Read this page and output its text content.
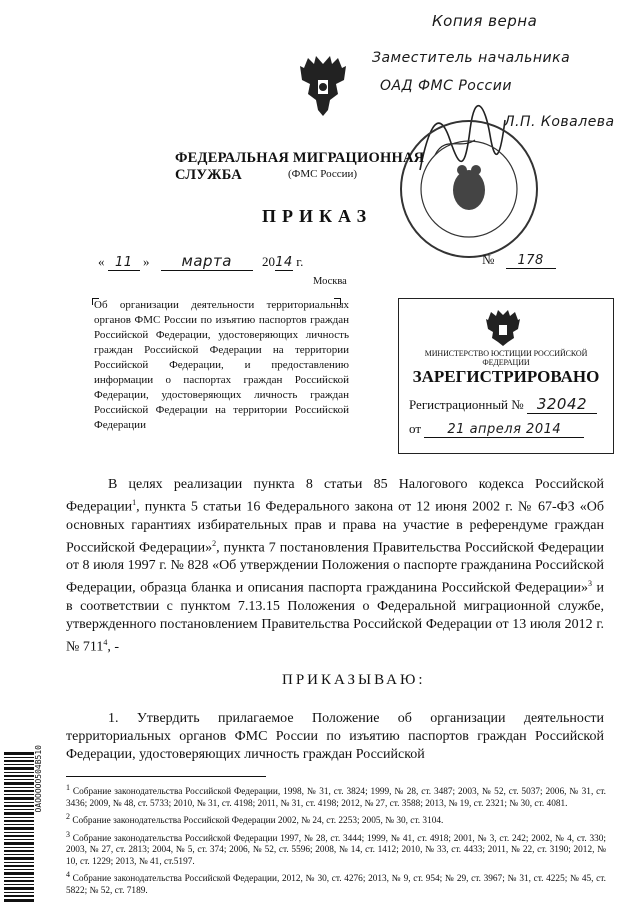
Копия верна
Заместитель начальника
ОАД ФМС России
Л.П. Ковалева
ФЕДЕРАЛЬНАЯ МИГРАЦИОННАЯ СЛУЖБА	(ФМС России)
ПРИКАЗ
« 11 » марта 2014 г.	№ 178
Москва
Об организации деятельности территориальных органов ФМС России по изъятию паспортов граждан Российской Федерации, удостоверяющих личность граждан Российской Федерации на территории Российской Федерации, и предоставлению информации о паспортах граждан Российской Федерации, удостоверяющих личность граждан Российской Федерации на территории Российской Федерации
МИНИСТЕРСТВО ЮСТИЦИИ РОССИЙСКОЙ ФЕДЕРАЦИИ
ЗАРЕГИСТРИРОВАНО
Регистрационный № 32042
от 21 апреля 2014
В целях реализации пункта 8 статьи 85 Налогового кодекса Российской Федерации$^1$, пункта 5 статьи 16 Федерального закона от 12 июня 2002 г. № 67-ФЗ «Об основных гарантиях избирательных прав и права на участие в референдуме граждан Российской Федерации»$^2$, пункта 7 постановления Правительства Российской Федерации от 8 июля 1997 г. № 828 «Об утверждении Положения о паспорте гражданина Российской Федерации, образца бланка и описания паспорта гражданина Российской Федерации»$^3$ и в соответствии с пунктом 7.13.15 Положения о Федеральной миграционной службе, утвержденного постановлением Правительства Российской Федерации от 13 июля 2012 г. № $711^4$, -
ПРИКАЗЫВАЮ:
1. Утвердить прилагаемое Положение об организации деятельности территориальных органов ФМС России по изъятию паспортов граждан Российской Федерации, удостоверяющих личность граждан Российской

$^1$ Собрание законодательства Российской Федерации, 1998, № 31, ст. 3824; 1999, № 28, ст. 3487; 2003, № 52, ст. 5037; 2006, № 31, ст. 3436; 2009, № 48, ст. 5733; 2010, № 31, ст. 4198; 2011, № 31, ст. 4198; 2012, № 27, ст. 3588; 2013, № 19, ст. 2321; № 30, ст. 4081.

$^2$ Собрание законодательства Российской Федерации 2002, № 24, ст. 2253; 2005, № 30, ст. 3104.

$^3$ Собрание законодательства Российской Федерации 1997, № 28, ст. 3444; 1999, № 41, ст. 4918; 2001, № 3, ст. 242; 2002, № 4, ст. 330; 2003, № 27, ст. 2813; 2004, № 5, ст. 374; 2006, № 52, ст. 5596; 2008, № 14, ст. 1412; 2010, № 33, ст. 4433; 2011, № 22, ст. 3190; 2012, № 10, ст. 1229; 2013, № 41, ст.5197.

$^4$ Собрание законодательства Российской Федерации, 2012, № 30, ст. 4276; 2013, № 9, ст. 954; № 29, ст. 3967; № 31, ст. 4225; № 45, ст. 5822; № 52, ст. 7189.

OAOOOOO504B510
